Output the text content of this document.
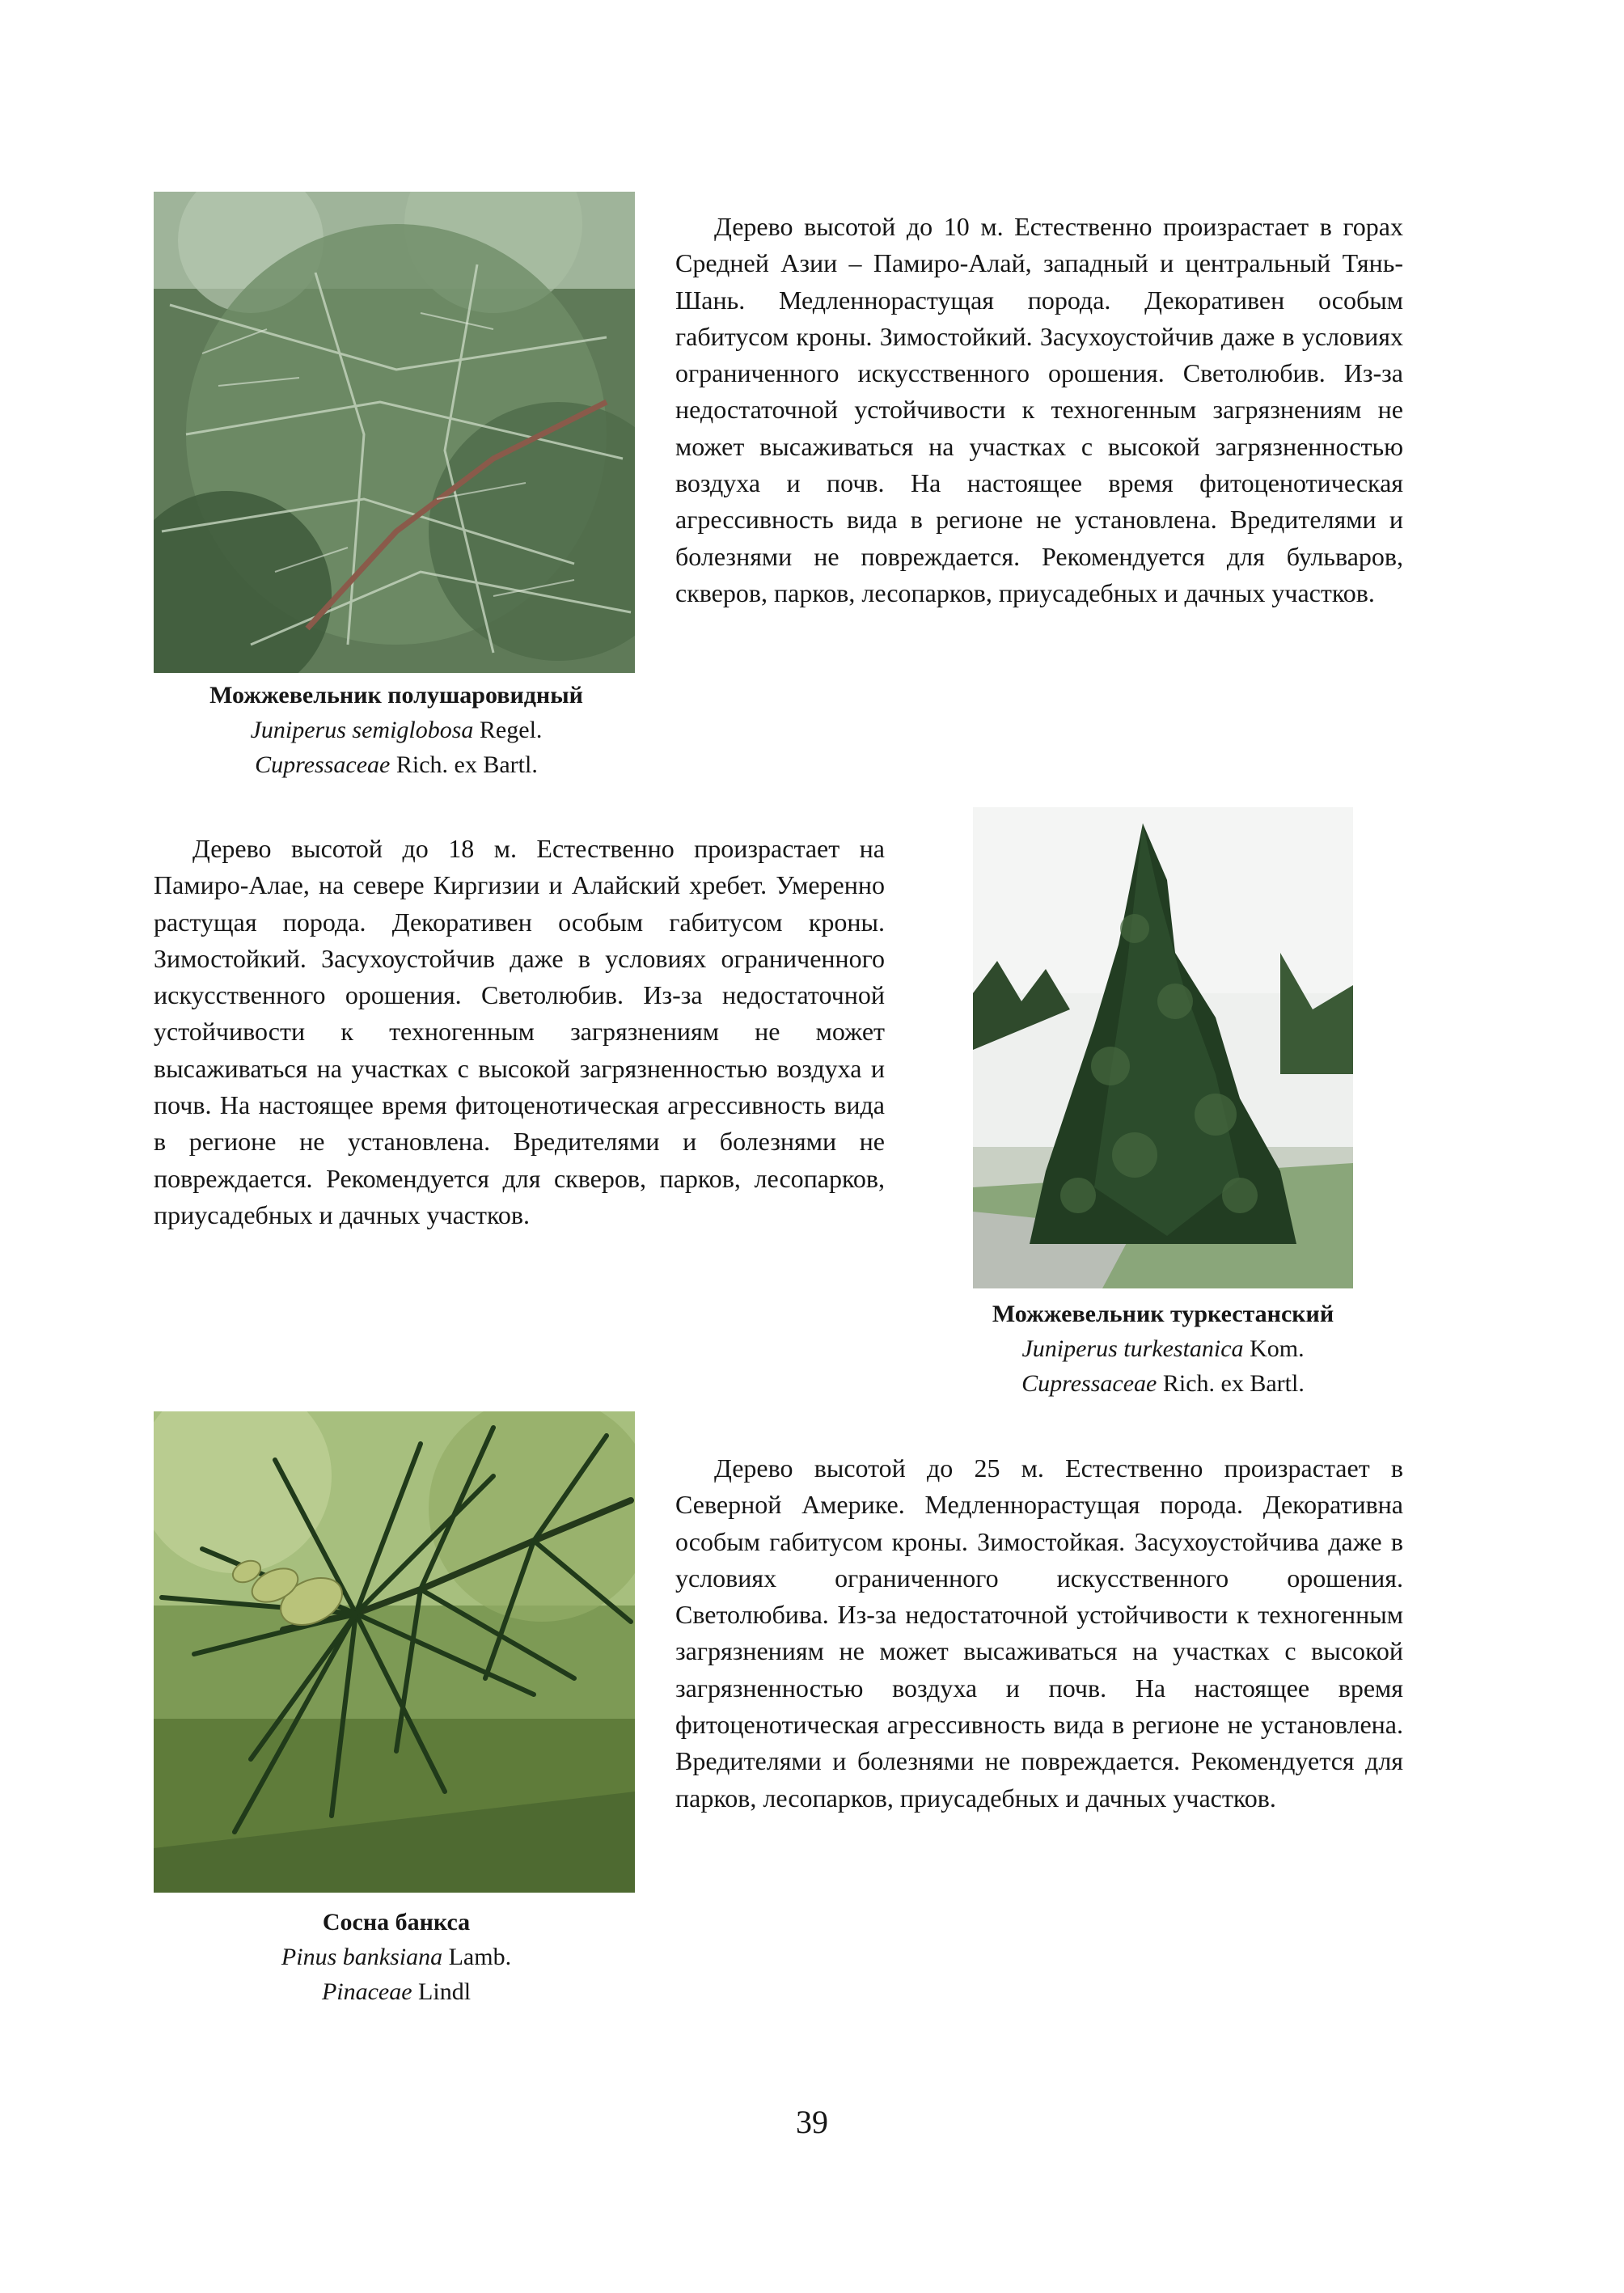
Дерево высотой до 10 м. Естественно произрастает в горах Средней Азии – Памиро-Алай, западный и центральный Тянь-Шань. Медленнорастущая порода. Декоративен особым габитусом кроны. Зимостойкий. Засухоустойчив даже в условиях ограниченного искусственного орошения. Светолюбив. Из-за недостаточной устойчивости к техногенным загрязнениям не может высаживаться на участках с высокой загрязненностью воздуха и почв. На настоящее время фитоценотическая агрессивность вида в регионе не установлена. Вредителями и болезнями не повреждается. Рекомендуется для бульваров, скверов, парков, лесопарков, приусадебных и дачных участков.

Можжевельник полушаровидный
Juniperus semiglobosa Regel.
Cupressaceae Rich. ex Bartl.

Дерево высотой до 18 м. Естественно произрастает на Памиро-Алае, на севере Киргизии и Алайский хребет. Умеренно растущая порода. Декоративен особым габитусом кроны. Зимостойкий. Засухоустойчив даже в условиях ограниченного искусственного орошения. Светолюбив. Из-за недостаточной устойчивости к техногенным загрязнениям не может высаживаться на участках с высокой загрязненностью воздуха и почв. На настоящее время фитоценотическая агрессивность вида в регионе не установлена. Вредителями и болезнями не повреждается. Рекомендуется для скверов, парков, лесопарков, приусадебных и дачных участков.

Можжевельник туркестанский
Juniperus turkestanica Kom.
Cupressaceae Rich. ex Bartl.

Дерево высотой до 25 м. Естественно произрастает в Северной Америке. Медленнорастущая порода. Декоративна особым габитусом кроны. Зимостойкая. Засухоустойчива даже в условиях ограниченного искусственного орошения. Светолюбива. Из-за недостаточной устойчивости к техногенным загрязнениям не может высаживаться на участках с высокой загрязненностью воздуха и почв. На настоящее время фитоценотическая агрессивность вида в регионе не установлена. Вредителями и болезнями не повреждается. Рекомендуется для парков, лесопарков, приусадебных и дачных участков.

Сосна банкса
Pinus banksiana Lamb.
Pinaceae Lindl
39
